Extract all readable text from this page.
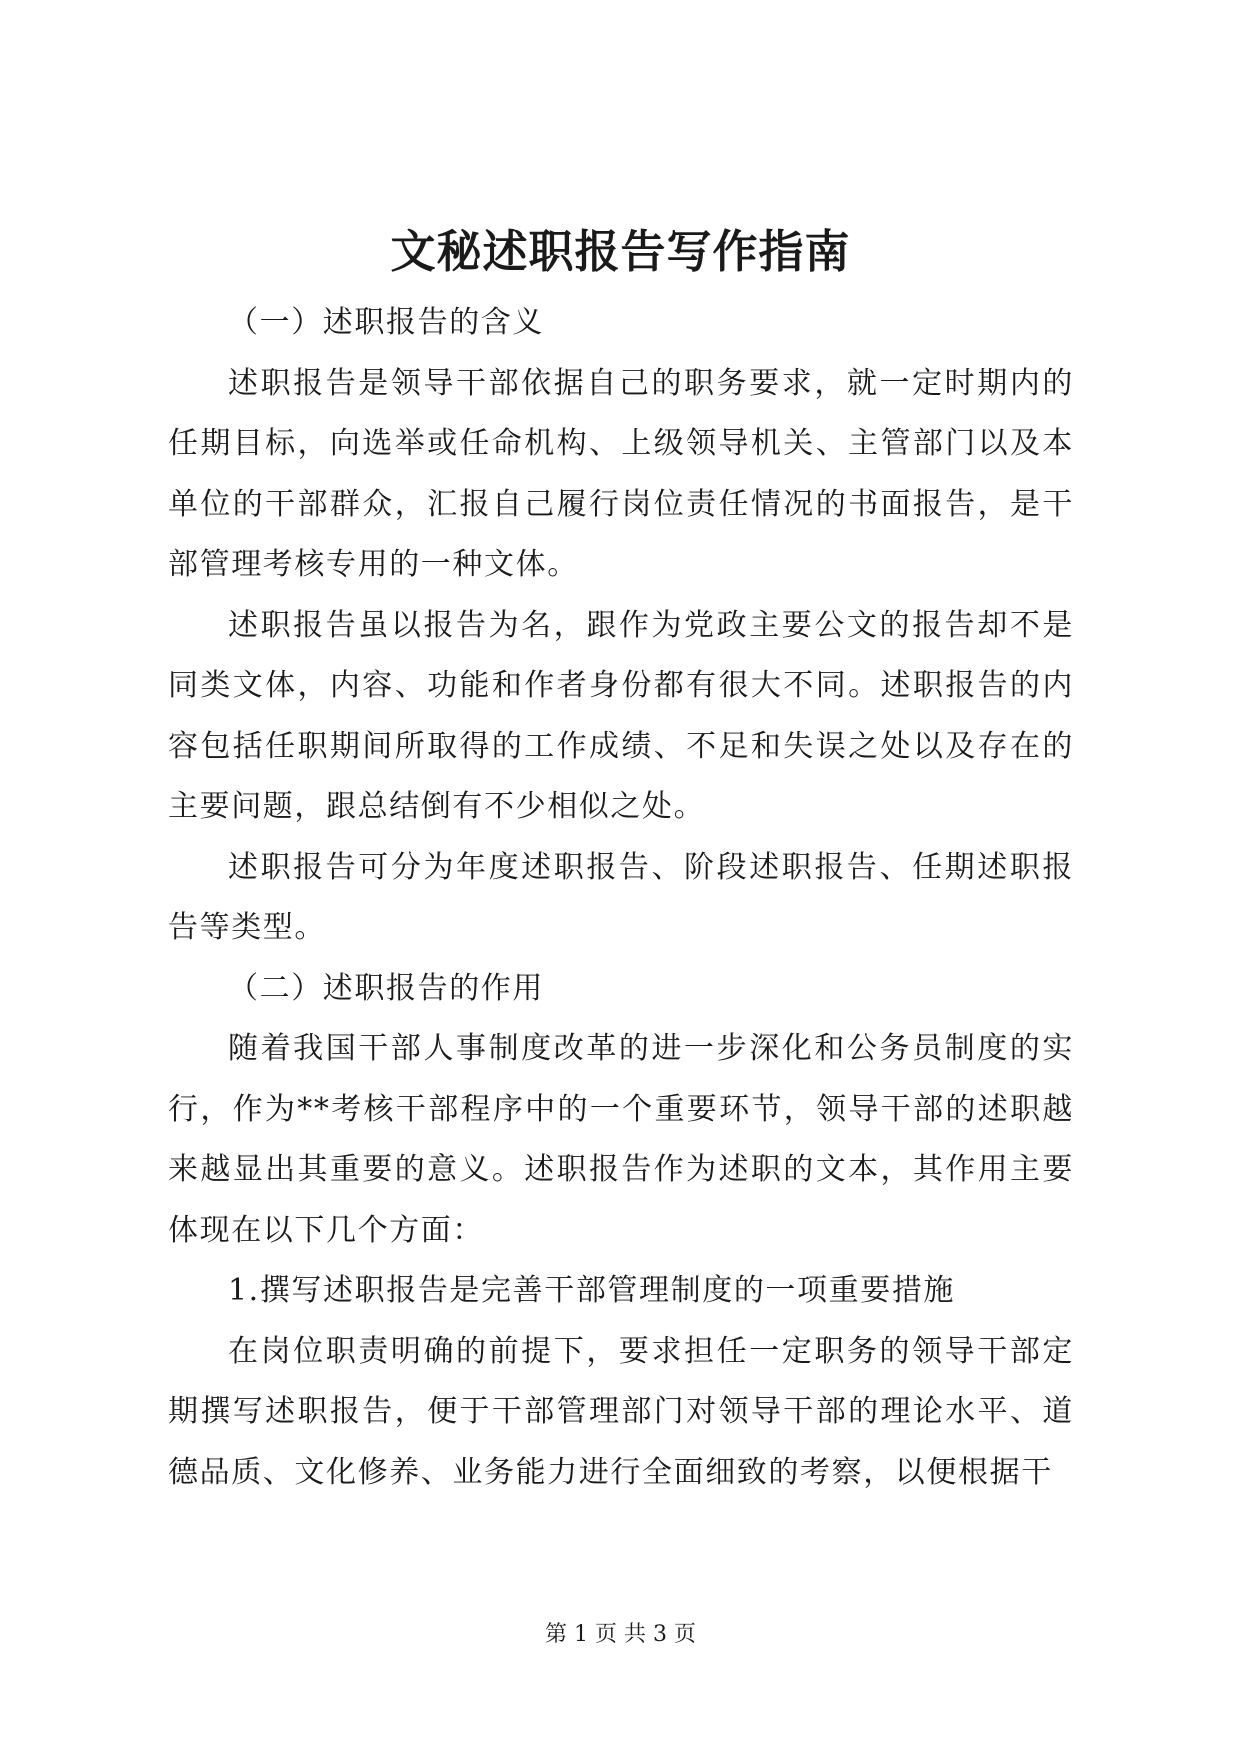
文秘述职报告写作指南

（一）述职报告的含义

述职报告是领导干部依据自己的职务要求，就一定时期内的任期目标，向选举或任命机构、上级领导机关、主管部门以及本单位的干部群众，汇报自己履行岗位责任情况的书面报告，是干部管理考核专用的一种文体。

述职报告虽以报告为名，跟作为党政主要公文的报告却不是同类文体，内容、功能和作者身份都有很大不同。述职报告的内容包括任职期间所取得的工作成绩、不足和失误之处以及存在的主要问题，跟总结倒有不少相似之处。

述职报告可分为年度述职报告、阶段述职报告、任期述职报告等类型。

（二）述职报告的作用

随着我国干部人事制度改革的进一步深化和公务员制度的实行，作为**考核干部程序中的一个重要环节，领导干部的述职越来越显出其重要的意义。述职报告作为述职的文本，其作用主要体现在以下几个方面：

1.撰写述职报告是完善干部管理制度的一项重要措施

在岗位职责明确的前提下，要求担任一定职务的领导干部定期撰写述职报告，便于干部管理部门对领导干部的理论水平、道德品质、文化修养、业务能力进行全面细致的考察，以便根据干

第 1 页 共 3 页
